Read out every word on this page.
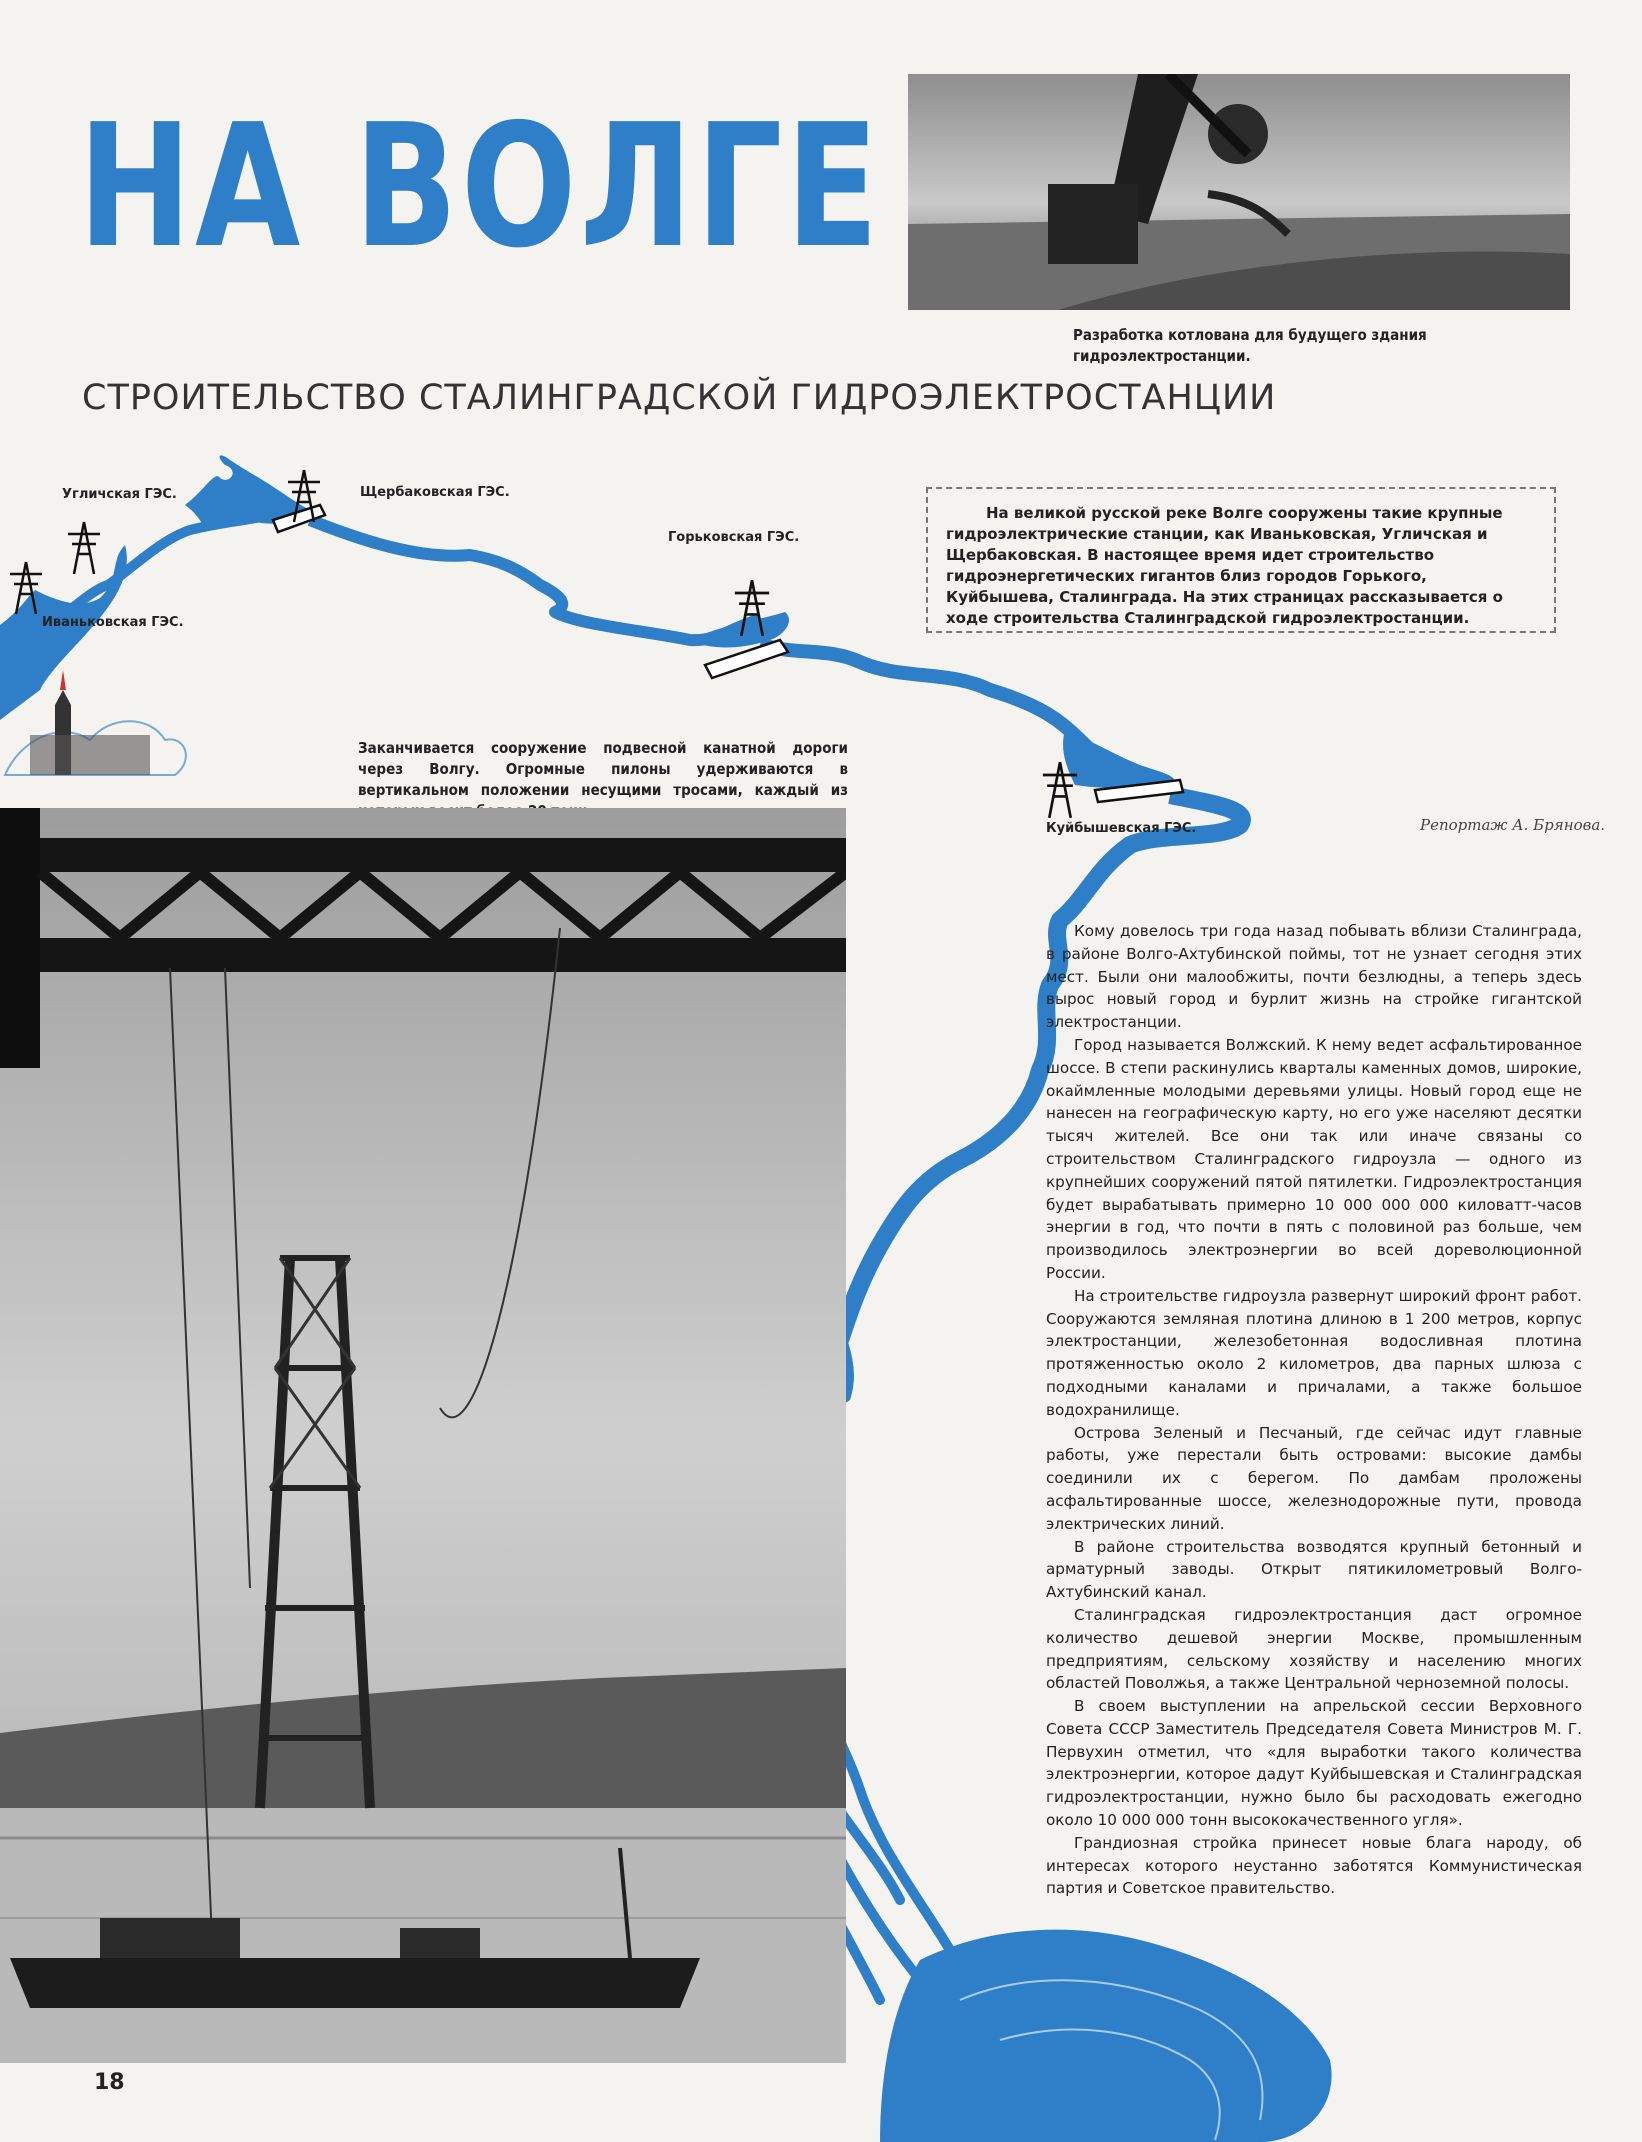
НА ВОЛГЕ
СТРОИТЕЛЬСТВО СТАЛИНГРАДСКОЙ ГИДРОЭЛЕКТРОСТАНЦИИ
Разработка котлована для будущего здания гидроэлектростанции.
На великой русской реке Волге сооружены такие крупные гидроэлектрические станции, как Иваньковская, Угличская и Щербаковская. В настоящее время идет строительство гидроэнергетических гигантов близ городов Горького, Куйбышева, Сталинграда. На этих страницах рассказывается о ходе строительства Сталинградской гидроэлектростанции.
Угличская ГЭС.	Щербаковская ГЭС.
Иваньковская ГЭС.
Горьковская ГЭС.
Куйбышевская ГЭС.
Заканчивается сооружение подвесной канатной дороги через Волгу. Огромные пилоны удерживаются в вертикальном положении несущими тросами, каждый из
Репортаж А. Брянова.

Кому довелось три года назад побывать вблизи Сталинграда, в районе Волго-Ахтубинской поймы, тот не узнает сегодня этих мест. Были они малообжиты, почти безлюдны, а теперь здесь вырос новый город и бурлит жизнь на стройке гигантской электростанции.

Город называется Волжский. К нему ведет асфальтированное шоссе. В степи раскинулись кварталы каменных домов, широкие, окаймленные молодыми деревьями улицы. Новый город еще не нанесен на географическую карту, но его уже населяют десятки тысяч жителей. Все они так или иначе связаны со строительством Сталинградского гидроузла — одного из крупнейших сооружений пятой пятилетки. Гидроэлектростанция будет вырабатывать примерно 10 000 000 000 киловатт-часов энергии в год, что почти в пять с половиной раз больше, чем производилось электроэнергии во всей дореволюционной России.

На строительстве гидроузла развернут широкий фронт работ. Сооружаются земляная плотина длиною в 1 200 метров, корпус электростанции, железобетонная водосливная плотина протяженностью около 2 километров, два парных шлюза с подходными каналами и причалами, а также большое водохранилище.

Острова Зеленый и Песчаный, где сейчас идут главные работы, уже перестали быть островами: высокие дамбы соединили их с берегом. По дамбам проложены асфальтированные шоссе, железнодорожные пути, провода электрических линий.

В районе строительства возводятся крупный бетонный и арматурный заводы. Открыт пятикилометровый Волго-Ахтубинский канал.

Сталинградская гидроэлектростанция даст огромное количество дешевой энергии Москве, промышленным предприятиям, сельскому хозяйству и населению многих областей Поволжья, а также Центральной черноземной полосы.

В своем выступлении на апрельской сессии Верховного Совета СССР Заместитель Председателя Совета Министров М. Г. Первухин отметил, что «для выработки такого количества электроэнергии, которое дадут Куйбышевская и Сталинградская гидроэлектростанции, нужно было бы расходовать ежегодно около 10 000 000 тонн высококачественного угля».

Грандиозная стройка принесет новые блага народу, об интересах которого неустанно заботятся Коммунистическая партия и Советское правительство.

18
